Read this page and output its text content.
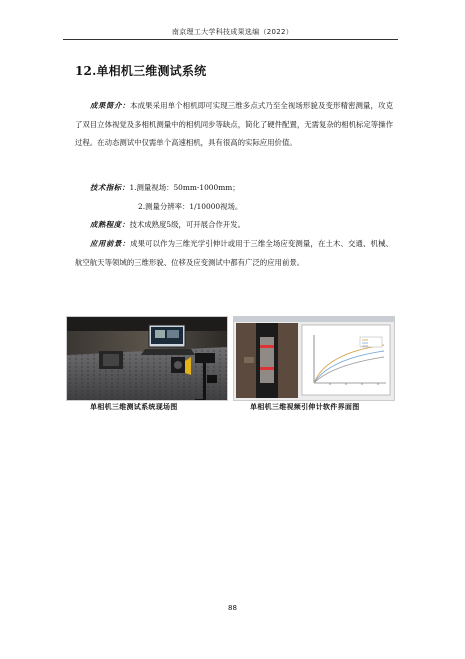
南京理工大学科技成果选编（2022）
12.单相机三维测试系统

成果简介：本成果采用单个相机即可实现三维多点式乃至全视场形貌及变形精密测量，攻克了双目立体视觉及多相机测量中的相机同步等缺点，简化了硬件配置，无需复杂的相机标定等操作过程。在动态测试中仅需单个高速相机，具有很高的实际应用价值。

技术指标：1.测量视场：50mm-1000mm；
2.测量分辨率：1/10000视场。
成熟程度：技术成熟度5级，可开展合作开发。

应用前景：成果可以作为三维光学引伸计或用于三维全场应变测量，在土木、交通、机械、航空航天等领域的三维形貌、位移及应变测试中都有广泛的应用前景。

单相机三维测试系统现场图	单相机三维视频引伸计软件界面图
88
